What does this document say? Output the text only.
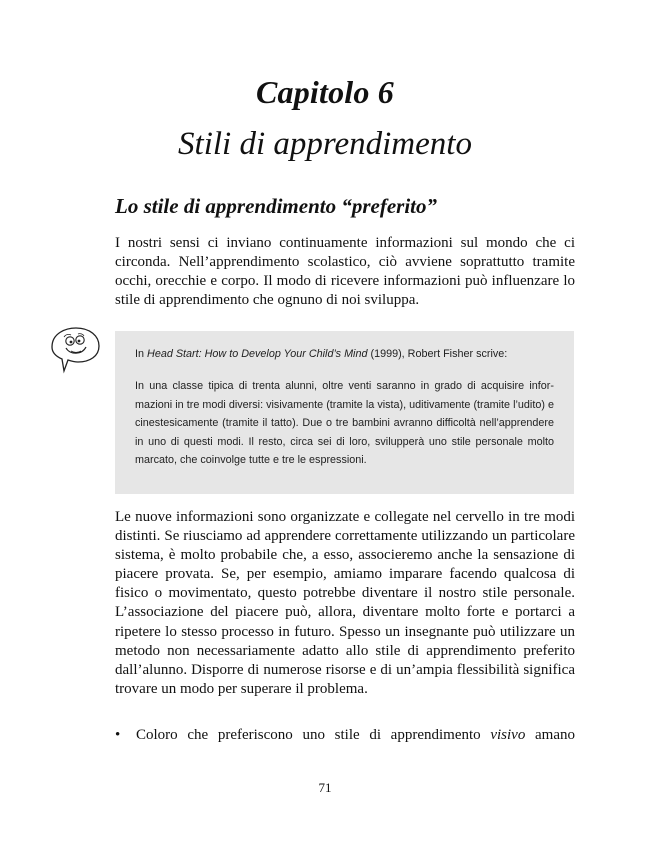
Capitolo 6
Stili di apprendimento
Lo stile di apprendimento “preferito”

I nostri sensi ci inviano continuamente informazioni sul mondo che ci circonda. Nell’apprendimento scolastico, ciò avviene soprattutto tramite occhi, orecchie e corpo. Il modo di ricevere informazioni può influenzare lo stile di apprendimento che ognuno di noi sviluppa.

In Head Start: How to Develop Your Child’s Mind (1999), Robert Fisher scrive:

In una classe tipica di trenta alunni, oltre venti saranno in grado di acquisire informazioni in tre modi diversi: visivamente (tramite la vista), uditivamente (tramite l’udito) e cinestesicamente (tramite il tatto). Due o tre bambini avranno difficoltà nell’apprendere in uno di questi modi. Il resto, circa sei di loro, svilupperà uno stile personale molto marcato, che coinvolge tutte e tre le espressioni.

Le nuove informazioni sono organizzate e collegate nel cervello in tre modi distinti. Se riusciamo ad apprendere correttamente utilizzando un particolare sistema, è molto probabile che, a esso, associeremo anche la sensazione di piacere provata. Se, per esempio, amiamo imparare facendo qualcosa di fisico o movimentato, questo potrebbe diventare il nostro stile personale. L’associazione del piacere può, allora, diventare molto forte e portarci a ripetere lo stesso processo in futuro. Spesso un insegnante può utilizzare un metodo non necessariamente adatto allo stile di apprendimento preferito dall’alunno. Disporre di numerose risorse e di un’ampia flessibilità significa trovare un modo per superare il problema.

• Coloro che preferiscono uno stile di apprendimento visivo amano
71
